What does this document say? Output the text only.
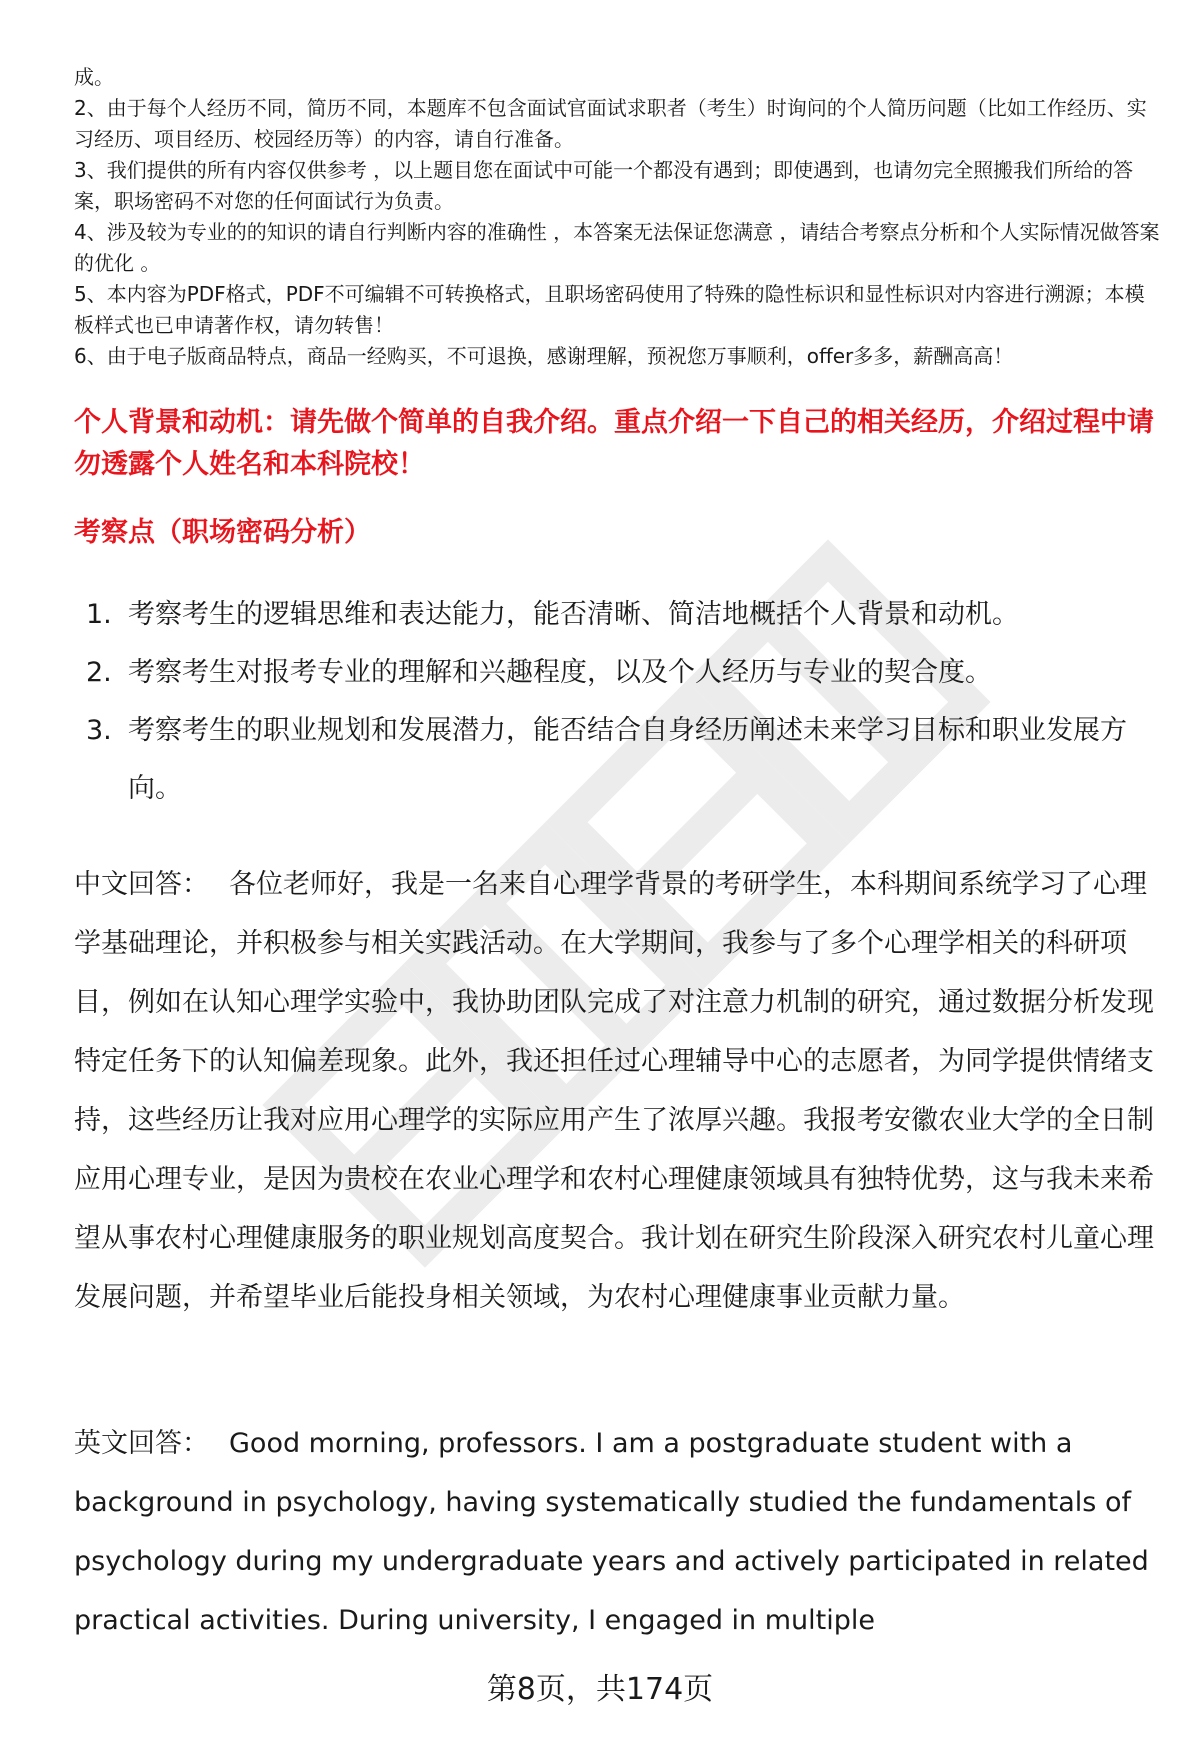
成。

2、由于每个人经历不同，简历不同，本题库不包含面试官面试求职者（考生）时询问的个人简历问题（比如工作经历、实习经历、项目经历、校园经历等）的内容，请自行准备。

3、我们提供的所有内容仅供参考 ，以上题目您在面试中可能一个都没有遇到；即使遇到，也请勿完全照搬我们所给的答案，职场密码不对您的任何面试行为负责。

4、涉及较为专业的的知识的请自行判断内容的准确性 ，本答案无法保证您满意 ，请结合考察点分析和个人实际情况做答案的优化 。

5、本内容为PDF格式，PDF不可编辑不可转换格式，且职场密码使用了特殊的隐性标识和显性标识对内容进行溯源；本模板样式也已申请著作权，请勿转售！

6、由于电子版商品特点，商品一经购买，不可退换，感谢理解，预祝您万事顺利，offer多多，薪酬高高！

个人背景和动机：请先做个简单的自我介绍。重点介绍一下自己的相关经历，介绍过程中请勿透露个人姓名和本科院校！
考察点（职场密码分析）
1. 考察考生的逻辑思维和表达能力，能否清晰、简洁地概括个人背景和动机。
2. 考察考生对报考专业的理解和兴趣程度，以及个人经历与专业的契合度。
3. 考察考生的职业规划和发展潜力，能否结合自身经历阐述未来学习目标和职业发展方向。

中文回答： 各位老师好，我是一名来自心理学背景的考研学生，本科期间系统学习了心理学基础理论，并积极参与相关实践活动。在大学期间，我参与了多个心理学相关的科研项目，例如在认知心理学实验中，我协助团队完成了对注意力机制的研究，通过数据分析发现特定任务下的认知偏差现象。此外，我还担任过心理辅导中心的志愿者，为同学提供情绪支持，这些经历让我对应用心理学的实际应用产生了浓厚兴趣。我报考安徽农业大学的全日制应用心理专业，是因为贵校在农业心理学和农村心理健康领域具有独特优势，这与我未来希望从事农村心理健康服务的职业规划高度契合。我计划在研究生阶段深入研究农村儿童心理发展问题，并希望毕业后能投身相关领域，为农村心理健康事业贡献力量。

英文回答： Good morning, professors. I am a postgraduate student with a background in psychology, having systematically studied the fundamentals of psychology during my undergraduate years and actively participated in related practical activities. During university, I engaged in multiple

第8页，共174页
